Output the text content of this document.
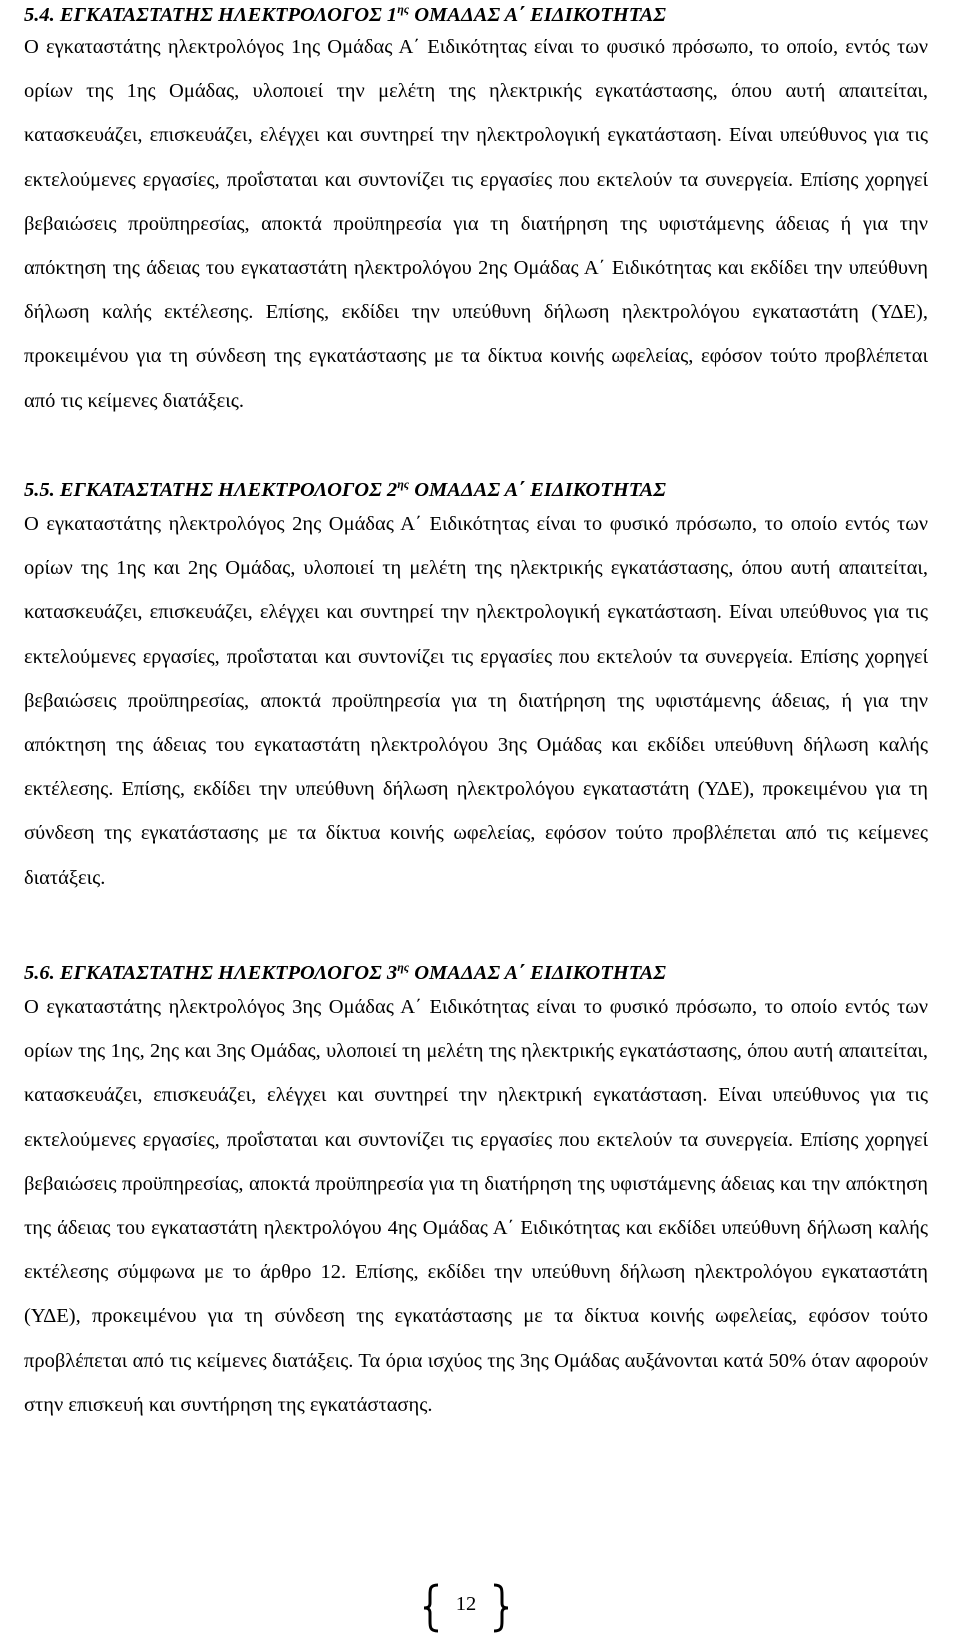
5.4. ΕΓΚΑΤΑΣΤΑΤΗΣ ΗΛΕΚΤΡΟΛΟΓΟΣ $1^{\eta\varsigma}$ ΟΜΑΔΑΣ Α΄ ΕΙΔΙΚΟΤΗΤΑΣ

Ο εγκαταστάτης ηλεκτρολόγος 1ης Ομάδας Α΄ Ειδικότητας είναι το φυσικό πρόσωπο, το οποίο, εντός των ορίων της 1ης Ομάδας, υλοποιεί την μελέτη της ηλεκτρικής εγκατάστασης, όπου αυτή απαιτείται, κατασκευάζει, επισκευάζει, ελέγχει και συντηρεί την ηλεκτρολογική εγκατάσταση. Είναι υπεύθυνος για τις εκτελούμενες εργασίες, προΐσταται και συντονίζει τις εργασίες που εκτελούν τα συνεργεία. Επίσης χορηγεί βεβαιώσεις προϋπηρεσίας, αποκτά προϋπηρεσία για τη διατήρηση της υφιστάμενης άδειας ή για την απόκτηση της άδειας του εγκαταστάτη ηλεκτρολόγου 2ης Ομάδας Α΄ Ειδικότητας και εκδίδει την υπεύθυνη δήλωση καλής εκτέλεσης. Επίσης, εκδίδει την υπεύθυνη δήλωση ηλεκτρολόγου εγκαταστάτη (ΥΔΕ), προκειμένου για τη σύνδεση της εγκατάστασης με τα δίκτυα κοινής ωφελείας, εφόσον τούτο προβλέπεται από τις κείμενες διατάξεις.

5.5. ΕΓΚΑΤΑΣΤΑΤΗΣ ΗΛΕΚΤΡΟΛΟΓΟΣ $2^{\eta\varsigma}$ ΟΜΑΔΑΣ Α΄ ΕΙΔΙΚΟΤΗΤΑΣ

Ο εγκαταστάτης ηλεκτρολόγος 2ης Ομάδας Α΄ Ειδικότητας είναι το φυσικό πρόσωπο, το οποίο εντός των ορίων της 1ης και 2ης Ομάδας, υλοποιεί τη μελέτη της ηλεκτρικής εγκατάστασης, όπου αυτή απαιτείται, κατασκευάζει, επισκευάζει, ελέγχει και συντηρεί την ηλεκτρολογική εγκατάσταση. Είναι υπεύθυνος για τις εκτελούμενες εργασίες, προΐσταται και συντονίζει τις εργασίες που εκτελούν τα συνεργεία. Επίσης χορηγεί βεβαιώσεις προϋπηρεσίας, αποκτά προϋπηρεσία για τη διατήρηση της υφιστάμενης άδειας, ή για την απόκτηση της άδειας του εγκαταστάτη ηλεκτρολόγου 3ης Ομάδας και εκδίδει υπεύθυνη δήλωση καλής εκτέλεσης. Επίσης, εκδίδει την υπεύθυνη δήλωση ηλεκτρολόγου εγκαταστάτη (ΥΔΕ), προκειμένου για τη σύνδεση της εγκατάστασης με τα δίκτυα κοινής ωφελείας, εφόσον τούτο προβλέπεται από τις κείμενες διατάξεις.

5.6. ΕΓΚΑΤΑΣΤΑΤΗΣ ΗΛΕΚΤΡΟΛΟΓΟΣ $3^{\eta\varsigma}$ ΟΜΑΔΑΣ Α΄ ΕΙΔΙΚΟΤΗΤΑΣ

Ο εγκαταστάτης ηλεκτρολόγος 3ης Ομάδας Α΄ Ειδικότητας είναι το φυσικό πρόσωπο, το οποίο εντός των ορίων της 1ης, 2ης και 3ης Ομάδας, υλοποιεί τη μελέτη της ηλεκτρικής εγκατάστασης, όπου αυτή απαιτείται, κατασκευάζει, επισκευάζει, ελέγχει και συντηρεί την ηλεκτρική εγκατάσταση. Είναι υπεύθυνος για τις εκτελούμενες εργασίες, προΐσταται και συντονίζει τις εργασίες που εκτελούν τα συνεργεία. Επίσης χορηγεί βεβαιώσεις προϋπηρεσίας, αποκτά προϋπηρεσία για τη διατήρηση της υφιστάμενης άδειας και την απόκτηση της άδειας του εγκαταστάτη ηλεκτρολόγου 4ης Ομάδας Α΄ Ειδικότητας και εκδίδει υπεύθυνη δήλωση καλής εκτέλεσης σύμφωνα με το άρθρο 12. Επίσης, εκδίδει την υπεύθυνη δήλωση ηλεκτρολόγου εγκαταστάτη (ΥΔΕ), προκειμένου για τη σύνδεση της εγκατάστασης με τα δίκτυα κοινής ωφελείας, εφόσον τούτο προβλέπεται από τις κείμενες διατάξεις. Τα όρια ισχύος της 3ης Ομάδας αυξάνονται κατά 50% όταν αφορούν στην επισκευή και συντήρηση της εγκατάστασης.

12
